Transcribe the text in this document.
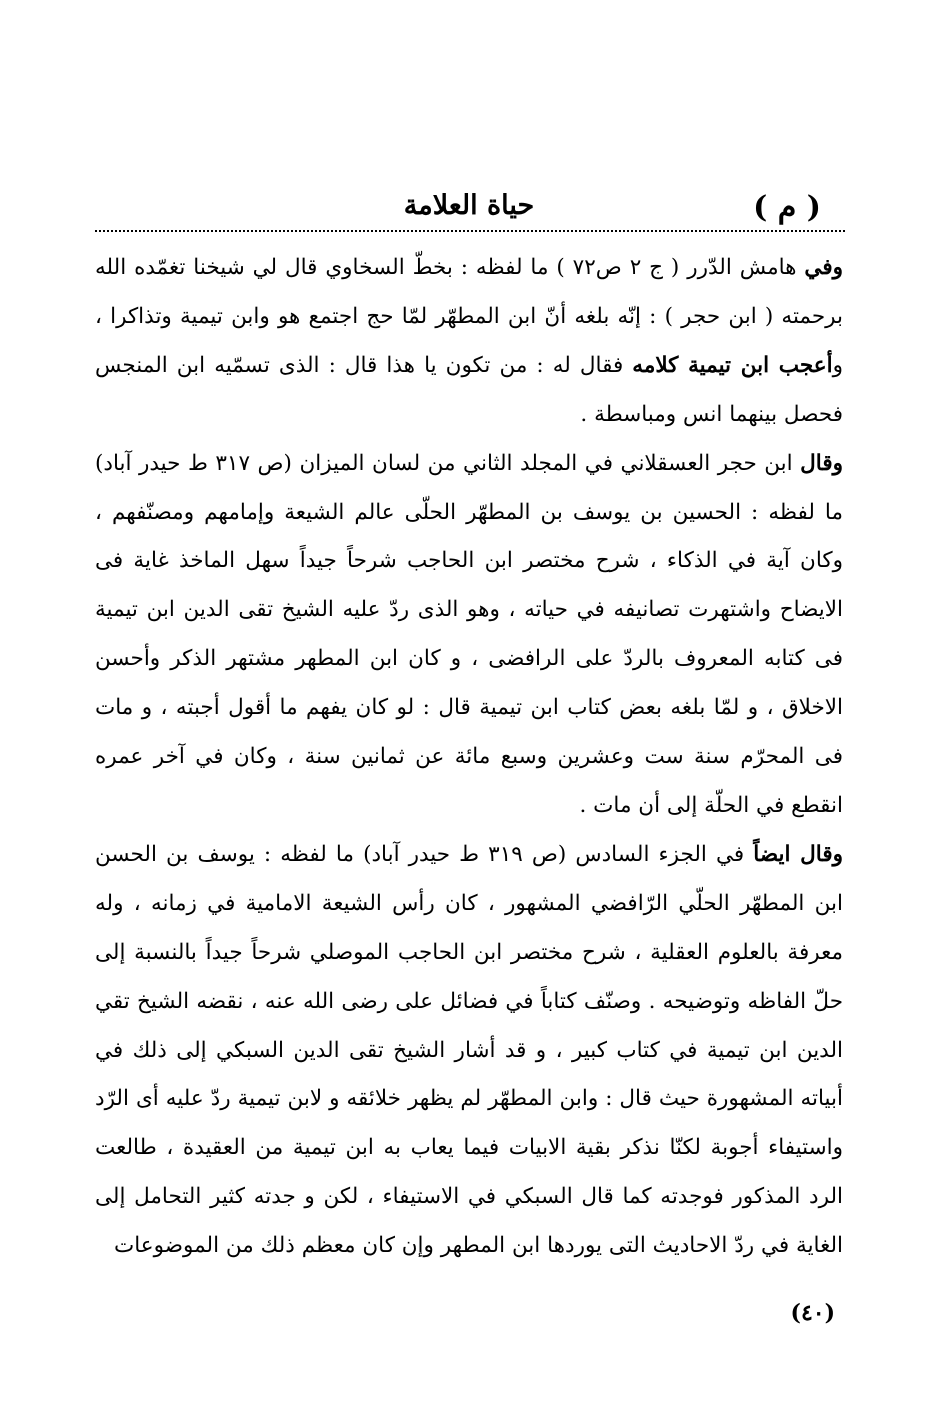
( م )
حياة العلامة

وفي هامش الدّرر ( ج ٢ ص٧٢ ) ما لفظه : بخطّ السخاوي قال لي شيخنا تغمّده الله برحمته ( ابن حجر ) : إنّه بلغه أنّ ابن المطهّر لمّا حج اجتمع هو وابن تيمية وتذاكرا ، وأعجب ابن تيمية كلامه فقال له : من تكون يا هذا قال : الذى تسمّيه ابن المنجس فحصل بينهما انس ومباسطة .

وقال ابن حجر العسقلاني في المجلد الثاني من لسان الميزان (ص ٣١٧ ط حيدر آباد) ما لفظه : الحسين بن يوسف بن المطهّر الحلّى عالم الشيعة وإمامهم ومصنّفهم ، وكان آية في الذكاء ، شرح مختصر ابن الحاجب شرحاً جيداً سهل الماخذ غاية فى الايضاح واشتهرت تصانيفه في حياته ، وهو الذى ردّ عليه الشيخ تقى الدين ابن تيمية فى كتابه المعروف بالردّ على الرافضى ، و كان ابن المطهر مشتهر الذكر وأحسن الاخلاق ، و لمّا بلغه بعض كتاب ابن تيمية قال : لو كان يفهم ما أقول أجبته ، و مات فى المحرّم سنة ست وعشرين وسبع مائة عن ثمانين سنة ، وكان في آخر عمره انقطع في الحلّة إلى أن مات .

وقال ايضاً في الجزء السادس (ص ٣١٩ ط حيدر آباد) ما لفظه : يوسف بن الحسن ابن المطهّر الحلّي الرّافضي المشهور ، كان رأس الشيعة الامامية في زمانه ، وله معرفة بالعلوم العقلية ، شرح مختصر ابن الحاجب الموصلي شرحاً جيداً بالنسبة إلى حلّ الفاظه وتوضيحه . وصنّف كتاباً في فضائل على رضى الله عنه ، نقضه الشيخ تقي الدين ابن تيمية في كتاب كبير ، و قد أشار الشيخ تقى الدين السبكي إلى ذلك في أبياته المشهورة حيث قال : وابن المطهّر لم يظهر خلائقه و لابن تيمية ردّ عليه أى الرّد واستيفاء أجوبة لكنّا نذكر بقية الابيات فيما يعاب به ابن تيمية من العقيدة ، طالعت الرد المذكور فوجدته كما قال السبكي في الاستيفاء ، لكن و جدته كثير التحامل إلى الغاية في ردّ الاحاديث التى يوردها ابن المطهر وإن كان معظم ذلك من الموضوعات

(٤٠)
